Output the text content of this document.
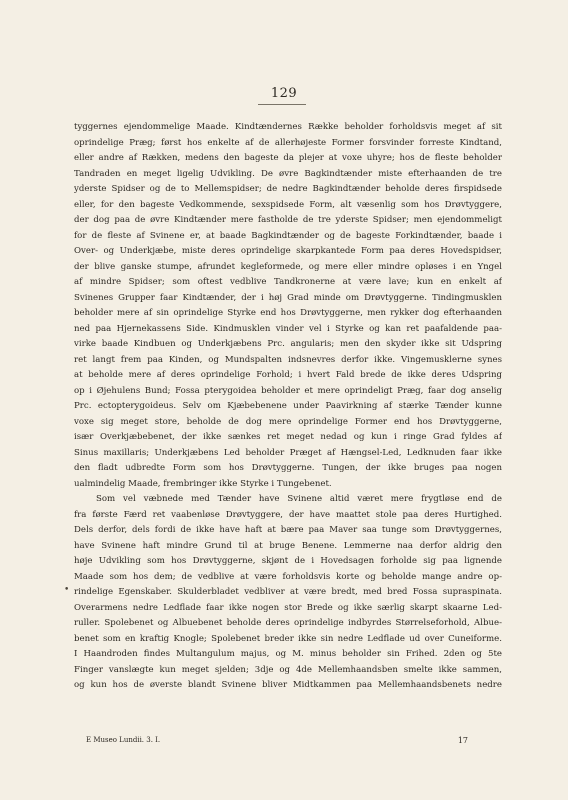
129
tyggernes ejendommelige Maade. Kindtændernes Række beholder forholdsvis meget af sit
oprindelige Præg; først hos enkelte af de allerhøjeste Former forsvinder forreste Kindtand,
eller andre af Rækken, medens den bageste da plejer at voxe uhyre; hos de fleste beholder
Tandraden en meget ligelig Udvikling. De øvre Bagkindtænder miste efterhaanden de tre
yderste Spidser og de to Mellemspidser; de nedre Bagkindtænder beholde deres firspidsede
eller, for den bageste Vedkommende, sexspidsede Form, alt væsenlig som hos Drøvtyggere,
der dog paa de øvre Kindtænder mere fastholde de tre yderste Spidser; men ejendommeligt
for de fleste af Svinene er, at baade Bagkindtænder og de bageste Forkindtænder, baade i
Over- og Underkjæbe, miste deres oprindelige skarpkantede Form paa deres Hovedspidser,
der blive ganske stumpe, afrundet kegleformede, og mere eller mindre opløses i en Yngel
af mindre Spidser; som oftest vedblive Tandkronerne at være lave; kun en enkelt af
Svinenes Grupper faar Kindtænder, der i høj Grad minde om Drøvtyggerne. Tindingmusklen
beholder mere af sin oprindelige Styrke end hos Drøvtyggerne, men rykker dog efterhaanden
ned paa Hjernekassens Side. Kindmusklen vinder vel i Styrke og kan ret paafaldende paa-
virke baade Kindbuen og Underkjæbens Prc. angularis; men den skyder ikke sit Udspring
ret langt frem paa Kinden, og Mundspalten indsnevres derfor ikke. Vingemusklerne synes
at beholde mere af deres oprindelige Forhold; i hvert Fald brede de ikke deres Udspring
op i Øjehulens Bund; Fossa pterygoidea beholder et mere oprindeligt Præg, faar dog anselig
Prc. ectopterygoideus. Selv om Kjæbebenene under Paavirkning af stærke Tænder kunne
voxe sig meget store, beholde de dog mere oprindelige Former end hos Drøvtyggerne,
især Overkjæbebenet, der ikke sænkes ret meget nedad og kun i ringe Grad fyldes af
Sinus maxillaris; Underkjæbens Led beholder Præget af Hængsel-Led, Ledknuden faar ikke
den fladt udbredte Form som hos Drøvtyggerne. Tungen, der ikke bruges paa nogen
ualmindelig Maade, frembringer ikke Styrke i Tungebenet.
Som vel væbnede med Tænder have Svinene altid været mere frygtløse end de
fra første Færd ret vaabenløse Drøvtyggere, der have maattet stole paa deres Hurtighed.
Dels derfor, dels fordi de ikke have haft at bære paa Maver saa tunge som Drøvtyggernes,
have Svinene haft mindre Grund til at bruge Benene. Lemmerne naa derfor aldrig den
høje Udvikling som hos Drøvtyggerne, skjønt de i Hovedsagen forholde sig paa lignende
Maade som hos dem; de vedblive at være forholdsvis korte og beholde mange andre op-
rindelige Egenskaber. Skulderbladet vedbliver at være bredt, med bred Fossa supraspinata.
Overarmens nedre Ledflade faar ikke nogen stor Brede og ikke særlig skarpt skaarne Led-
ruller. Spolebenet og Albuebenet beholde deres oprindelige indbyrdes Størrelseforhold, Albue-
benet som en kraftig Knogle; Spolebenet breder ikke sin nedre Ledflade ud over Cuneiforme.
I Haandroden findes Multangulum majus, og M. minus beholder sin Frihed. 2den og 5te
Finger vanslægte kun meget sjelden; 3dje og 4de Mellemhaandsben smelte ikke sammen,
og kun hos de øverste blandt Svinene bliver Midtkammen paa Mellemhaandsbenets nedre
•
E Museo Lundii. 3. I.	17
